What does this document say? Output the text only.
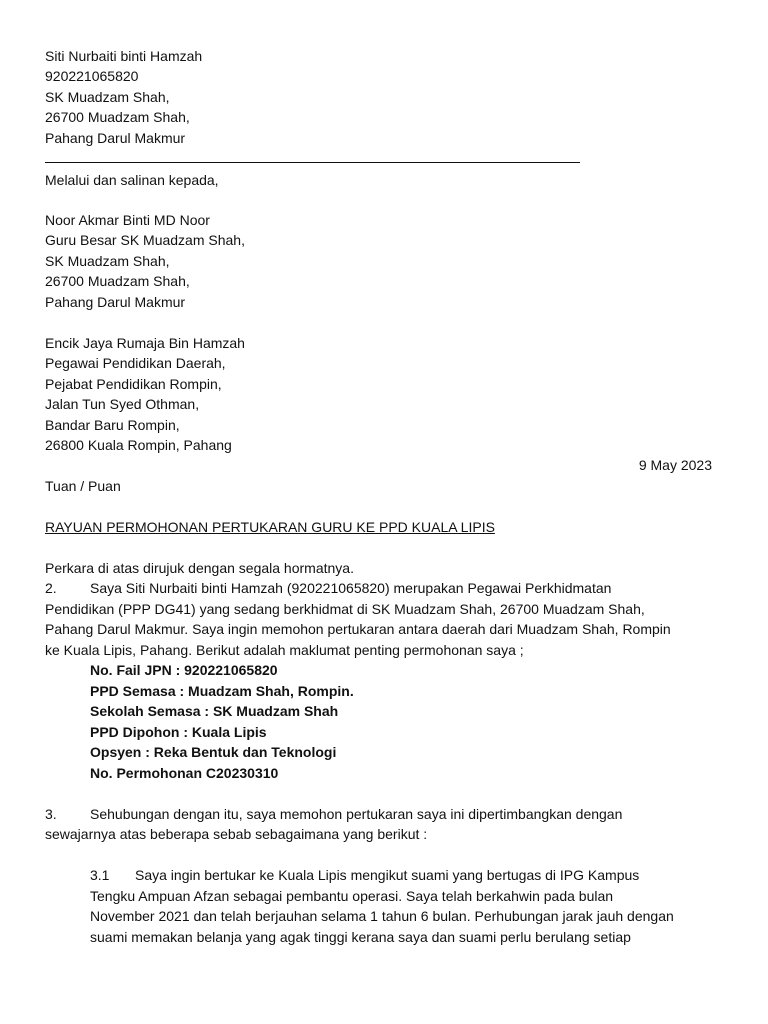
Siti Nurbaiti binti Hamzah
920221065820
SK Muadzam Shah,
26700 Muadzam Shah,
Pahang Darul Makmur
Melalui dan salinan kepada,
Noor Akmar Binti MD Noor
Guru Besar SK Muadzam Shah,
SK Muadzam Shah,
26700 Muadzam Shah,
Pahang Darul Makmur
Encik Jaya Rumaja Bin Hamzah
Pegawai Pendidikan Daerah,
Pejabat Pendidikan Rompin,
Jalan Tun Syed Othman,
Bandar Baru Rompin,
26800 Kuala Rompin, Pahang
9 May 2023
Tuan / Puan
RAYUAN PERMOHONAN PERTUKARAN GURU KE PPD KUALA LIPIS
Perkara di atas dirujuk dengan segala hormatnya.
2. Saya Siti Nurbaiti binti Hamzah (920221065820) merupakan Pegawai Perkhidmatan
Pendidikan (PPP DG41) yang sedang berkhidmat di SK Muadzam Shah, 26700 Muadzam Shah,
Pahang Darul Makmur. Saya ingin memohon pertukaran antara daerah dari Muadzam Shah, Rompin
ke Kuala Lipis, Pahang. Berikut adalah maklumat penting permohonan saya ;
No. Fail JPN : 920221065820
PPD Semasa : Muadzam Shah, Rompin.
Sekolah Semasa : SK Muadzam Shah
PPD Dipohon : Kuala Lipis
Opsyen : Reka Bentuk dan Teknologi
No. Permohonan C20230310
3. Sehubungan dengan itu, saya memohon pertukaran saya ini dipertimbangkan dengan
sewajarnya atas beberapa sebab sebagaimana yang berikut :
3.1 Saya ingin bertukar ke Kuala Lipis mengikut suami yang bertugas di IPG Kampus
Tengku Ampuan Afzan sebagai pembantu operasi. Saya telah berkahwin pada bulan
November 2021 dan telah berjauhan selama 1 tahun 6 bulan. Perhubungan jarak jauh dengan
suami memakan belanja yang agak tinggi kerana saya dan suami perlu berulang setiap
